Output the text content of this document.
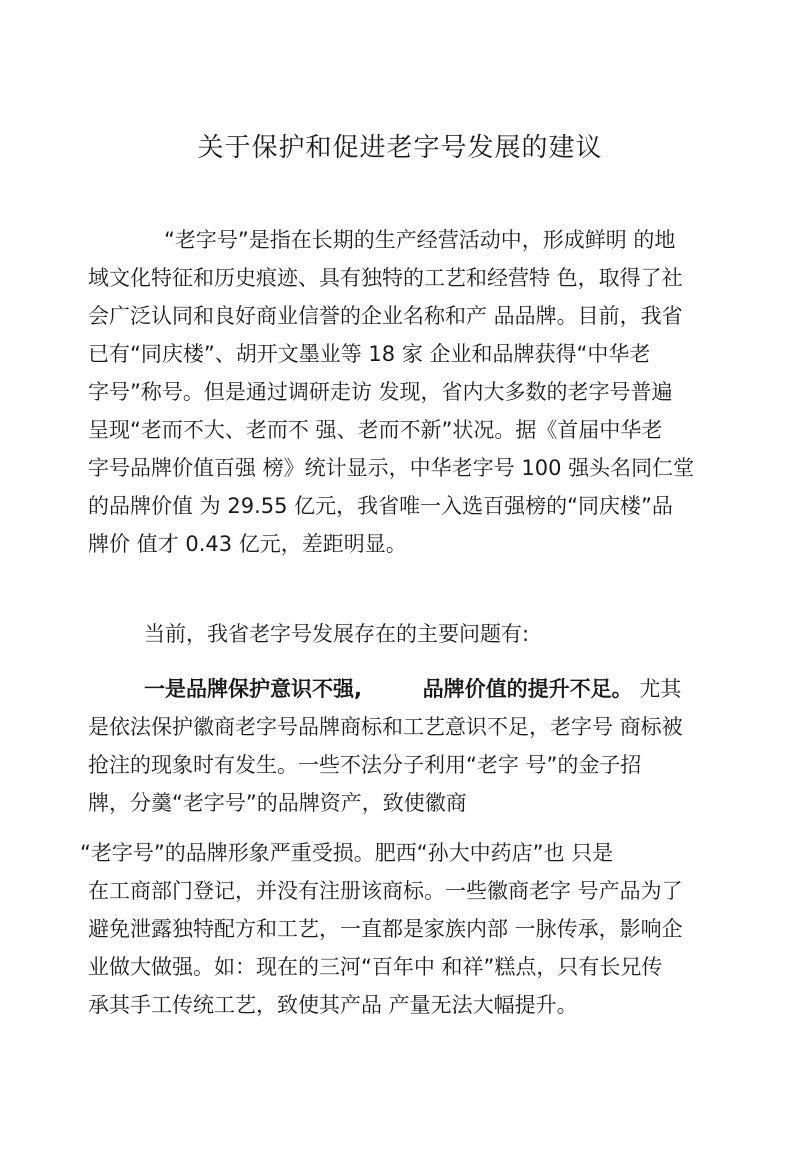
关于保护和促进老字号发展的建议
“老字号”是指在长期的生产经营活动中，形成鲜明 的地
域文化特征和历史痕迹、具有独特的工艺和经营特 色，取得了社
会广泛认同和良好商业信誉的企业名称和产 品品牌。目前，我省
已有“同庆楼”、胡开文墨业等 18 家 企业和品牌获得“中华老
字号”称号。但是通过调研走访 发现，省内大多数的老字号普遍
呈现“老而不大、老而不 强、老而不新”状况。据《首届中华老
字号品牌价值百强 榜》统计显示，中华老字号 100 强头名同仁堂
的品牌价值 为 29.55 亿元，我省唯一入选百强榜的“同庆楼”品
牌价 值才 0.43 亿元，差距明显。
当前，我省老字号发展存在的主要问题有:
一是品牌保护意识不强,	品牌价值的提升不足。 尤其
是依法保护徽商老字号品牌商标和工艺意识不足，老字号 商标被
抢注的现象时有发生。一些不法分子利用“老字 号”的金子招
牌，分羹“老字号”的品牌资产，致使徽商
“老字号”的品牌形象严重受损。肥西“孙大中药店”也 只是
在工商部门登记，并没有注册该商标。一些徽商老字 号产品为了
避免泄露独特配方和工艺，一直都是家族内部 一脉传承，影响企
业做大做强。如：现在的三河“百年中 和祥”糕点，只有长兄传
承其手工传统工艺，致使其产品 产量无法大幅提升。
